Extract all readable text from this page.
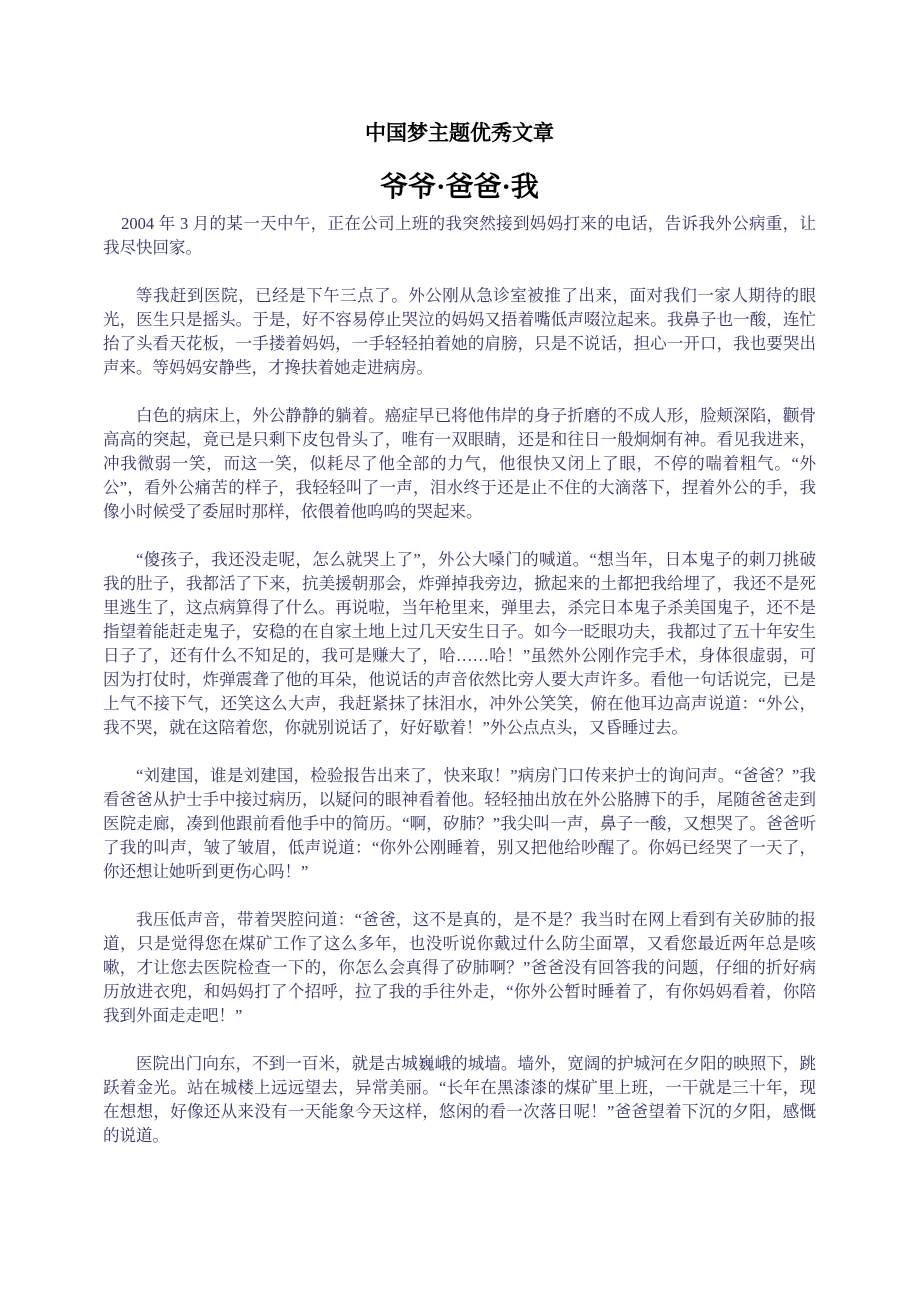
中国梦主题优秀文章
爷爷·爸爸·我

2004 年 3 月的某一天中午，正在公司上班的我突然接到妈妈打来的电话，告诉我外公病重，让我尽快回家。

等我赶到医院，已经是下午三点了。外公刚从急诊室被推了出来，面对我们一家人期待的眼光，医生只是摇头。于是，好不容易停止哭泣的妈妈又捂着嘴低声啜泣起来。我鼻子也一酸，连忙抬了头看天花板，一手搂着妈妈，一手轻轻拍着她的肩膀，只是不说话，担心一开口，我也要哭出声来。等妈妈安静些，才搀扶着她走进病房。

白色的病床上，外公静静的躺着。癌症早已将他伟岸的身子折磨的不成人形，脸颊深陷，颧骨高高的突起，竟已是只剩下皮包骨头了，唯有一双眼睛，还是和往日一般炯炯有神。看见我进来，冲我微弱一笑，而这一笑，似耗尽了他全部的力气，他很快又闭上了眼，不停的喘着粗气。“外公”，看外公痛苦的样子，我轻轻叫了一声，泪水终于还是止不住的大滴落下，捏着外公的手，我像小时候受了委屈时那样，依偎着他呜呜的哭起来。

“傻孩子，我还没走呢，怎么就哭上了”，外公大嗓门的喊道。“想当年，日本鬼子的刺刀挑破我的肚子，我都活了下来，抗美援朝那会，炸弹掉我旁边，掀起来的土都把我给埋了，我还不是死里逃生了，这点病算得了什么。再说啦，当年枪里来，弹里去，杀完日本鬼子杀美国鬼子，还不是指望着能赶走鬼子，安稳的在自家土地上过几天安生日子。如今一眨眼功夫，我都过了五十年安生日子了，还有什么不知足的，我可是赚大了，哈……哈！”虽然外公刚作完手术，身体很虚弱，可因为打仗时，炸弹震聋了他的耳朵，他说话的声音依然比旁人要大声许多。看他一句话说完，已是上气不接下气，还笑这么大声，我赶紧抹了抹泪水，冲外公笑笑，俯在他耳边高声说道：“外公，我不哭，就在这陪着您，你就别说话了，好好歇着！”外公点点头，又昏睡过去。

“刘建国，谁是刘建国，检验报告出来了，快来取！”病房门口传来护士的询问声。“爸爸？”我看爸爸从护士手中接过病历，以疑问的眼神看着他。轻轻抽出放在外公胳膊下的手，尾随爸爸走到医院走廊，凑到他跟前看他手中的简历。“啊，矽肺？”我尖叫一声，鼻子一酸，又想哭了。爸爸听了我的叫声，皱了皱眉，低声说道：“你外公刚睡着，别又把他给吵醒了。你妈已经哭了一天了，你还想让她听到更伤心吗！”

我压低声音，带着哭腔问道：“爸爸，这不是真的，是不是？我当时在网上看到有关矽肺的报道，只是觉得您在煤矿工作了这么多年，也没听说你戴过什么防尘面罩，又看您最近两年总是咳嗽，才让您去医院检查一下的，你怎么会真得了矽肺啊？”爸爸没有回答我的问题，仔细的折好病历放进衣兜，和妈妈打了个招呼，拉了我的手往外走，“你外公暂时睡着了，有你妈妈看着，你陪我到外面走走吧！”

医院出门向东，不到一百米，就是古城巍峨的城墙。墙外，宽阔的护城河在夕阳的映照下，跳跃着金光。站在城楼上远远望去，异常美丽。“长年在黑漆漆的煤矿里上班，一干就是三十年，现在想想，好像还从来没有一天能象今天这样，悠闲的看一次落日呢！”爸爸望着下沉的夕阳，感慨的说道。
